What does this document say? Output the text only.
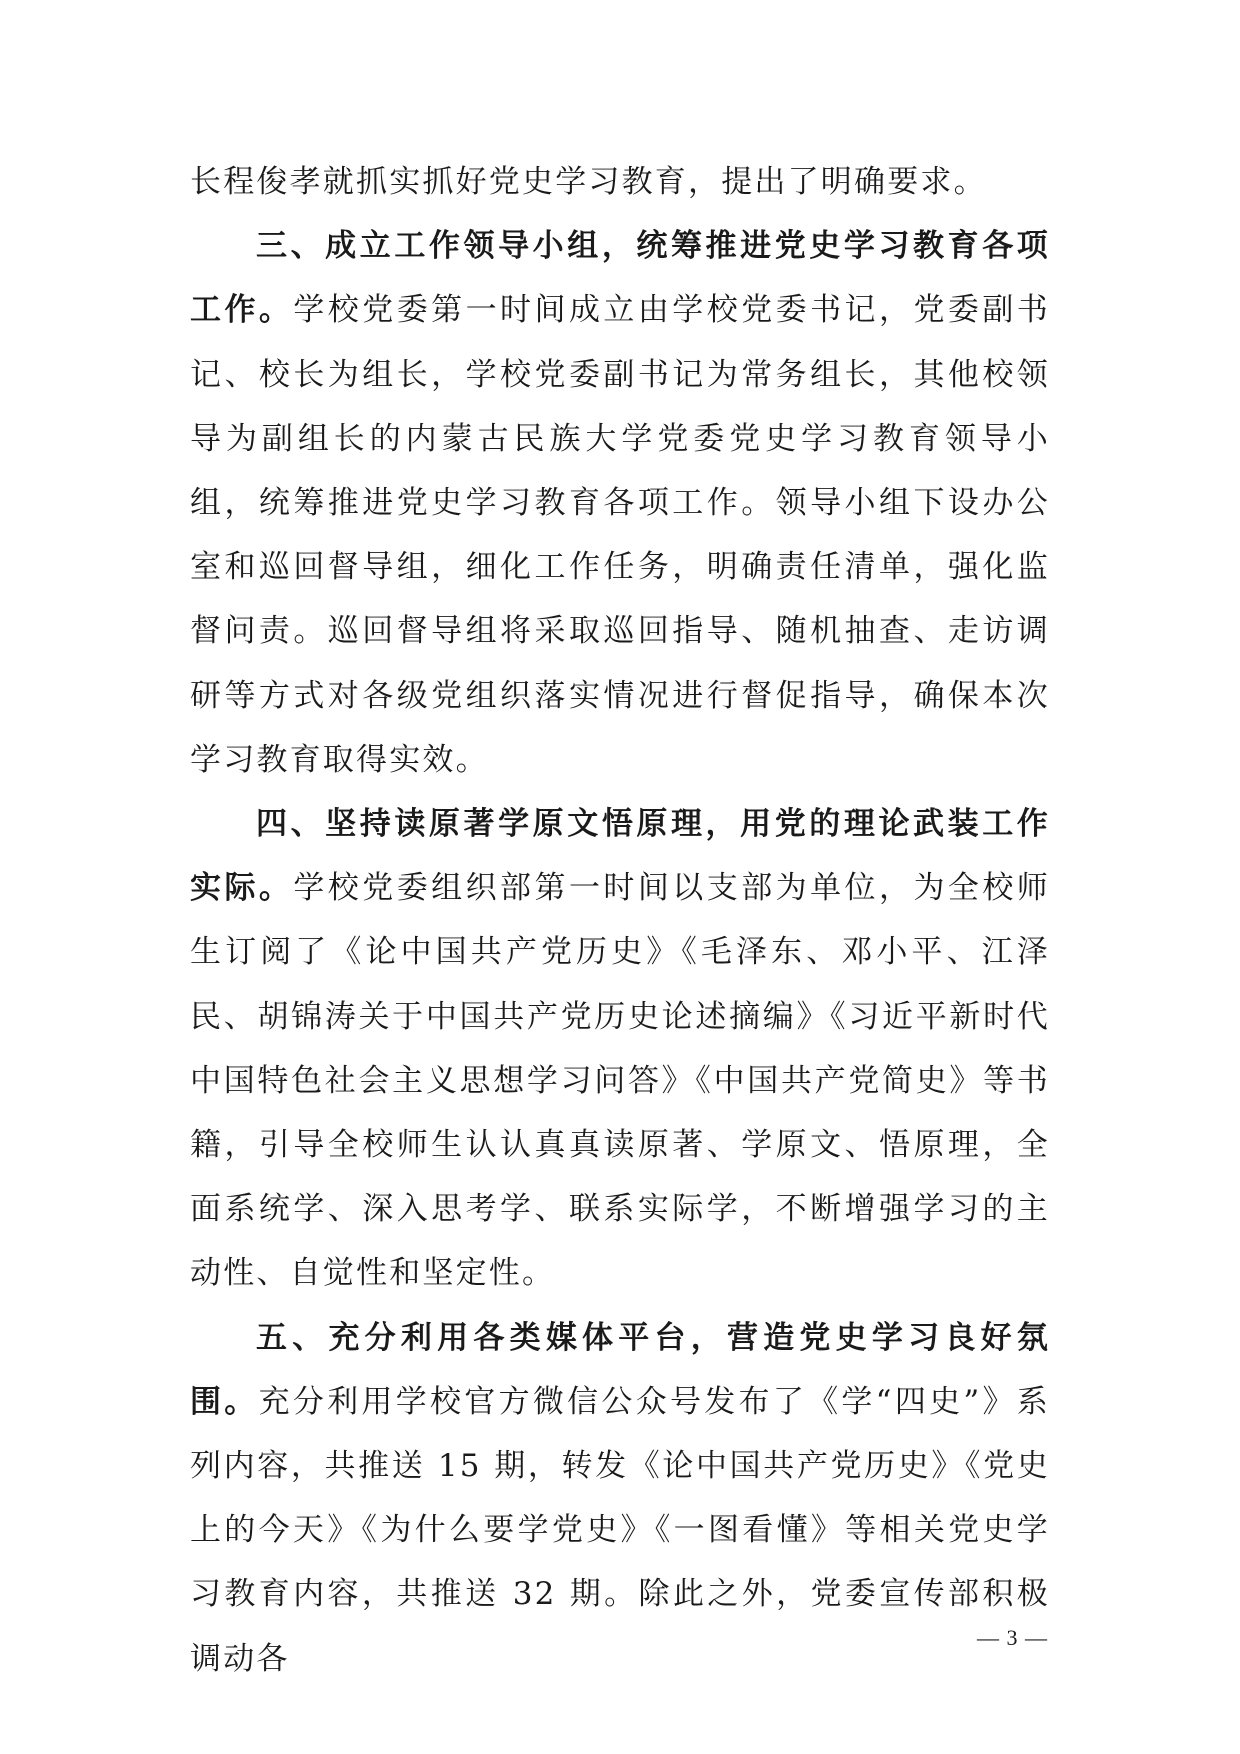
长程俊孝就抓实抓好党史学习教育，提出了明确要求。

三、成立工作领导小组，统筹推进党史学习教育各项工作。学校党委第一时间成立由学校党委书记，党委副书记、校长为组长，学校党委副书记为常务组长，其他校领导为副组长的内蒙古民族大学党委党史学习教育领导小组，统筹推进党史学习教育各项工作。领导小组下设办公室和巡回督导组，细化工作任务，明确责任清单，强化监督问责。巡回督导组将采取巡回指导、随机抽查、走访调研等方式对各级党组织落实情况进行督促指导，确保本次学习教育取得实效。

四、坚持读原著学原文悟原理，用党的理论武装工作实际。学校党委组织部第一时间以支部为单位，为全校师生订阅了《论中国共产党历史》《毛泽东、邓小平、江泽民、胡锦涛关于中国共产党历史论述摘编》《习近平新时代中国特色社会主义思想学习问答》《中国共产党简史》等书籍，引导全校师生认认真真读原著、学原文、悟原理，全面系统学、深入思考学、联系实际学，不断增强学习的主动性、自觉性和坚定性。

五、充分利用各类媒体平台，营造党史学习良好氛围。充分利用学校官方微信公众号发布了《学“四史”》系列内容，共推送 15 期，转发《论中国共产党历史》《党史上的今天》《为什么要学党史》《一图看懂》等相关党史学习教育内容，共推送 32 期。除此之外，党委宣传部积极调动各

— 3 —
